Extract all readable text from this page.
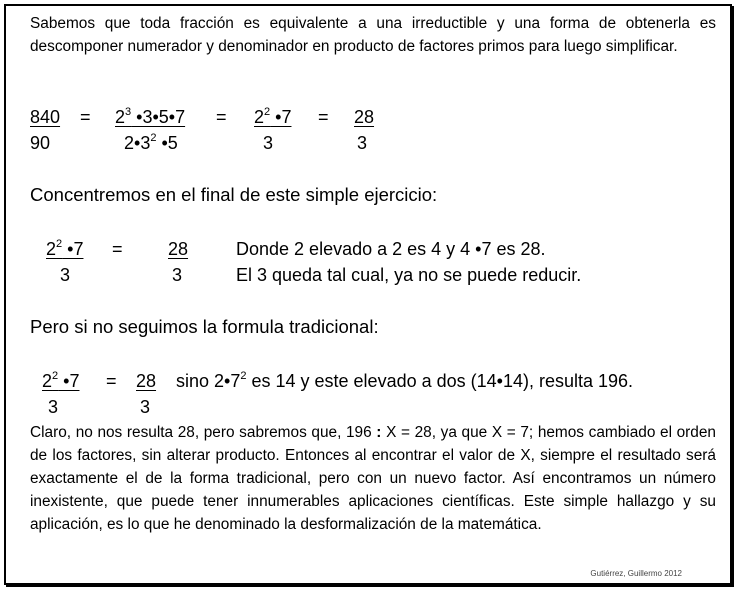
Sabemos que toda fracción es equivalente a una irreductible y una forma de obtenerla es descomponer numerador y denominador en producto de factores primos para luego simplificar.
840
90
= $2^3$ •3•5•7
$2•3^2$ •5
= $2^2$ •7
3
= 28
3
Concentremos en el final de este simple ejercicio:
$2^2$ •7
3
=	28
3
Donde 2 elevado a 2 es 4 y 4 •7 es 28.
El 3 queda tal cual, ya no se puede reducir.
Pero si no seguimos la formula tradicional:
$2^2$ •7
3
= 28
3
sino $2•7^2$ es 14 y este elevado a dos (14•14), resulta 196.
Claro, no nos resulta 28, pero sabremos que, 196 : X = 28, ya que X = 7; hemos cambiado el orden de los factores, sin alterar producto. Entonces al encontrar el valor de X, siempre el resultado será exactamente el de la forma tradicional, pero con un nuevo factor. Así encontramos un número inexistente, que puede tener innumerables aplicaciones científicas. Este simple hallazgo y su aplicación, es lo que he denominado la desformalización de la matemática.
Gutiérrez, Guillermo 2012
